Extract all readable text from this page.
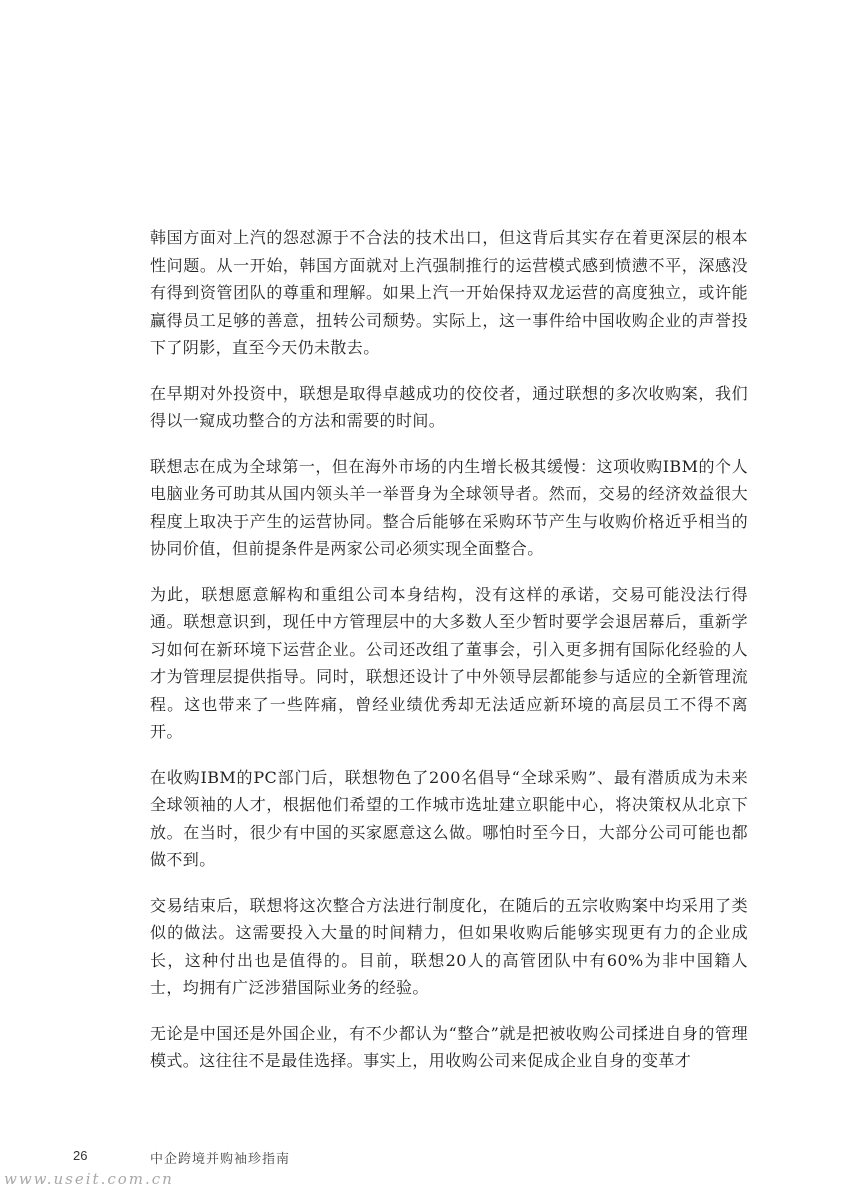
韩国方面对上汽的怨怼源于不合法的技术出口，但这背后其实存在着更深层的根本性问题。从一开始，韩国方面就对上汽强制推行的运营模式感到愤懑不平，深感没有得到资管团队的尊重和理解。如果上汽一开始保持双龙运营的高度独立，或许能赢得员工足够的善意，扭转公司颓势。实际上，这一事件给中国收购企业的声誉投下了阴影，直至今天仍未散去。

在早期对外投资中，联想是取得卓越成功的佼佼者，通过联想的多次收购案，我们得以一窥成功整合的方法和需要的时间。

联想志在成为全球第一，但在海外市场的内生增长极其缓慢：这项收购IBM的个人电脑业务可助其从国内领头羊一举晋身为全球领导者。然而，交易的经济效益很大程度上取决于产生的运营协同。整合后能够在采购环节产生与收购价格近乎相当的协同价值，但前提条件是两家公司必须实现全面整合。

为此，联想愿意解构和重组公司本身结构，没有这样的承诺，交易可能没法行得通。联想意识到，现任中方管理层中的大多数人至少暂时要学会退居幕后，重新学习如何在新环境下运营企业。公司还改组了董事会，引入更多拥有国际化经验的人才为管理层提供指导。同时，联想还设计了中外领导层都能参与适应的全新管理流程。这也带来了一些阵痛，曾经业绩优秀却无法适应新环境的高层员工不得不离开。

在收购IBM的PC部门后，联想物色了200名倡导“全球采购”、最有潜质成为未来全球领袖的人才，根据他们希望的工作城市选址建立职能中心，将决策权从北京下放。在当时，很少有中国的买家愿意这么做。哪怕时至今日，大部分公司可能也都做不到。

交易结束后，联想将这次整合方法进行制度化，在随后的五宗收购案中均采用了类似的做法。这需要投入大量的时间精力，但如果收购后能够实现更有力的企业成长，这种付出也是值得的。目前，联想20人的高管团队中有60%为非中国籍人士，均拥有广泛涉猎国际业务的经验。

无论是中国还是外国企业，有不少都认为“整合”就是把被收购公司揉进自身的管理模式。这往往不是最佳选择。事实上，用收购公司来促成企业自身的变革才

26	中企跨境并购袖珍指南
www.useit.com.cn
